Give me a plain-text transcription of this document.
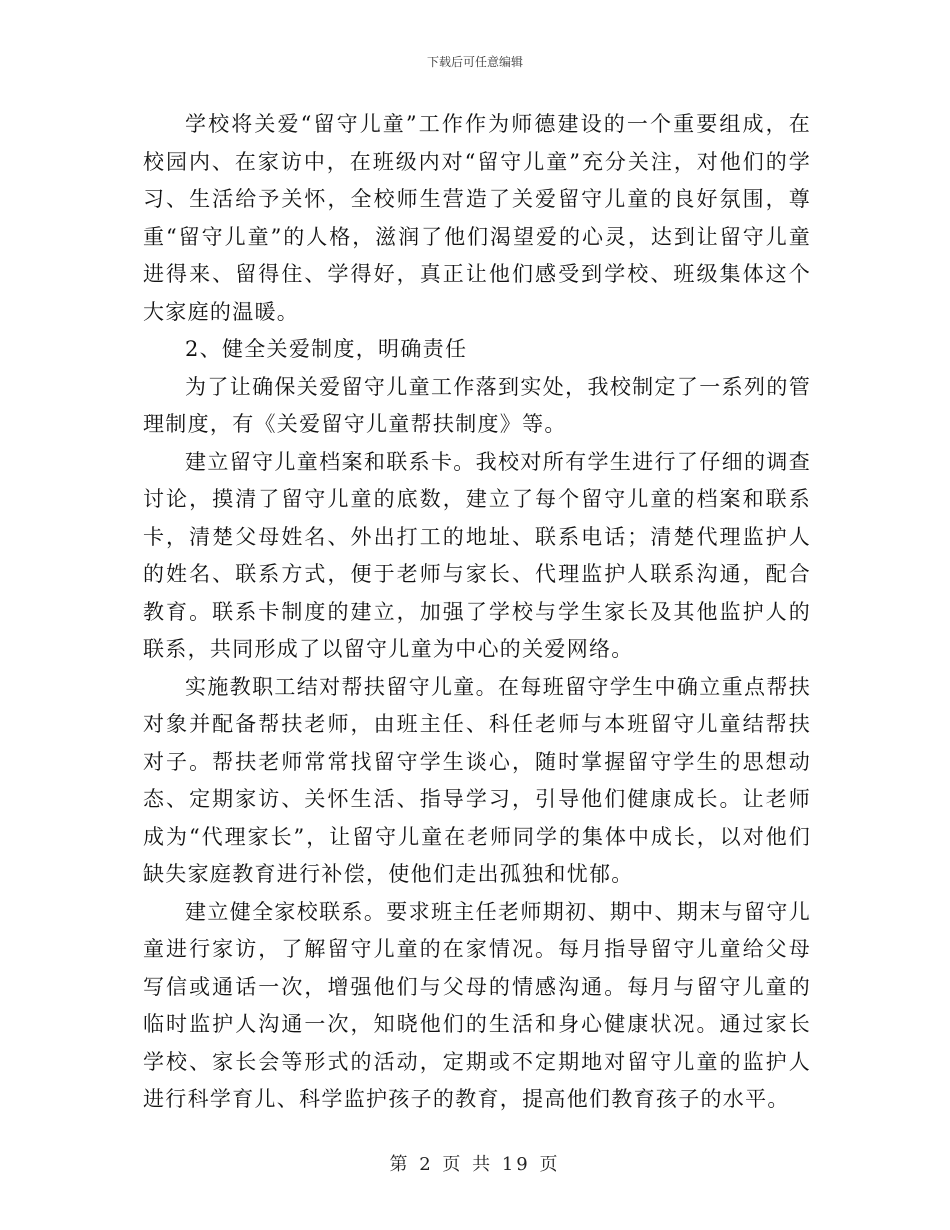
下载后可任意编辑

学校将关爱“留守儿童”工作作为师德建设的一个重要组成，在校园内、在家访中，在班级内对“留守儿童”充分关注，对他们的学习、生活给予关怀，全校师生营造了关爱留守儿童的良好氛围，尊重“留守儿童”的人格，滋润了他们渴望爱的心灵，达到让留守儿童进得来、留得住、学得好，真正让他们感受到学校、班级集体这个大家庭的温暖。

2、健全关爱制度，明确责任

为了让确保关爱留守儿童工作落到实处，我校制定了一系列的管理制度，有《关爱留守儿童帮扶制度》等。

建立留守儿童档案和联系卡。我校对所有学生进行了仔细的调查讨论，摸清了留守儿童的底数，建立了每个留守儿童的档案和联系卡，清楚父母姓名、外出打工的地址、联系电话；清楚代理监护人的姓名、联系方式，便于老师与家长、代理监护人联系沟通，配合教育。联系卡制度的建立，加强了学校与学生家长及其他监护人的联系，共同形成了以留守儿童为中心的关爱网络。

实施教职工结对帮扶留守儿童。在每班留守学生中确立重点帮扶对象并配备帮扶老师，由班主任、科任老师与本班留守儿童结帮扶对子。帮扶老师常常找留守学生谈心，随时掌握留守学生的思想动态、定期家访、关怀生活、指导学习，引导他们健康成长。让老师成为“代理家长”，让留守儿童在老师同学的集体中成长，以对他们缺失家庭教育进行补偿，使他们走出孤独和忧郁。

建立健全家校联系。要求班主任老师期初、期中、期末与留守儿童进行家访，了解留守儿童的在家情况。每月指导留守儿童给父母写信或通话一次，增强他们与父母的情感沟通。每月与留守儿童的临时监护人沟通一次，知晓他们的生活和身心健康状况。通过家长学校、家长会等形式的活动，定期或不定期地对留守儿童的监护人进行科学育儿、科学监护孩子的教育，提高他们教育孩子的水平。

第 2 页 共 19 页
